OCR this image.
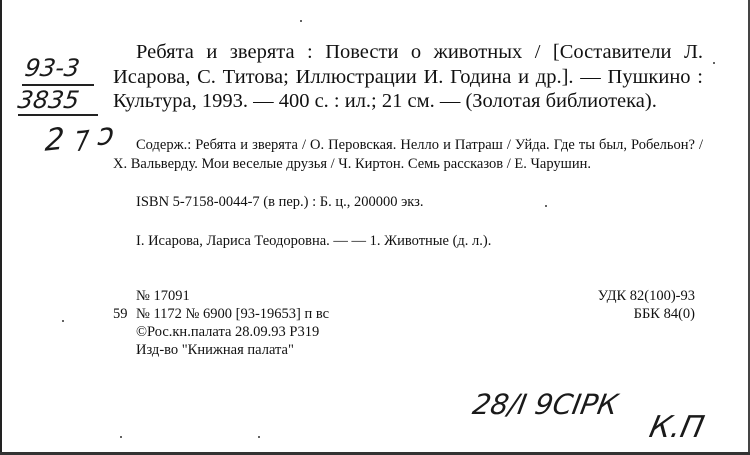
Ребята и зверята : Повести о животных / [Составители Л. Исарова, С. Титова; Иллюстрации И. Година и др.]. — Пушкино : Культура, 1993. — 400 с. : ил.; 21 см. — (Золотая библиотека).

Содерж.: Ребята и зверята / О. Перовская. Нелло и Патраш / Уйда. Где ты был, Робельон? / Х. Вальверду. Мои веселые друзья / Ч. Киртон. Семь рассказов / Е. Чарушин.

ISBN 5-7158-0044-7 (в пер.) : Б. ц., 200000 экз.

I. Исарова, Лариса Теодоровна. — — 1. Животные (д. л.).

№ 17091
59 № 1172 № 6900 [93-19653] п вс
©Рос.кн.палата 28.09.93 Р319
Изд-во "Книжная палата"
УДК 82(100)-93
ББК 84(0)
93-3
3835
2 ⁊ ↄ
28/I 9СIРК
К.П
